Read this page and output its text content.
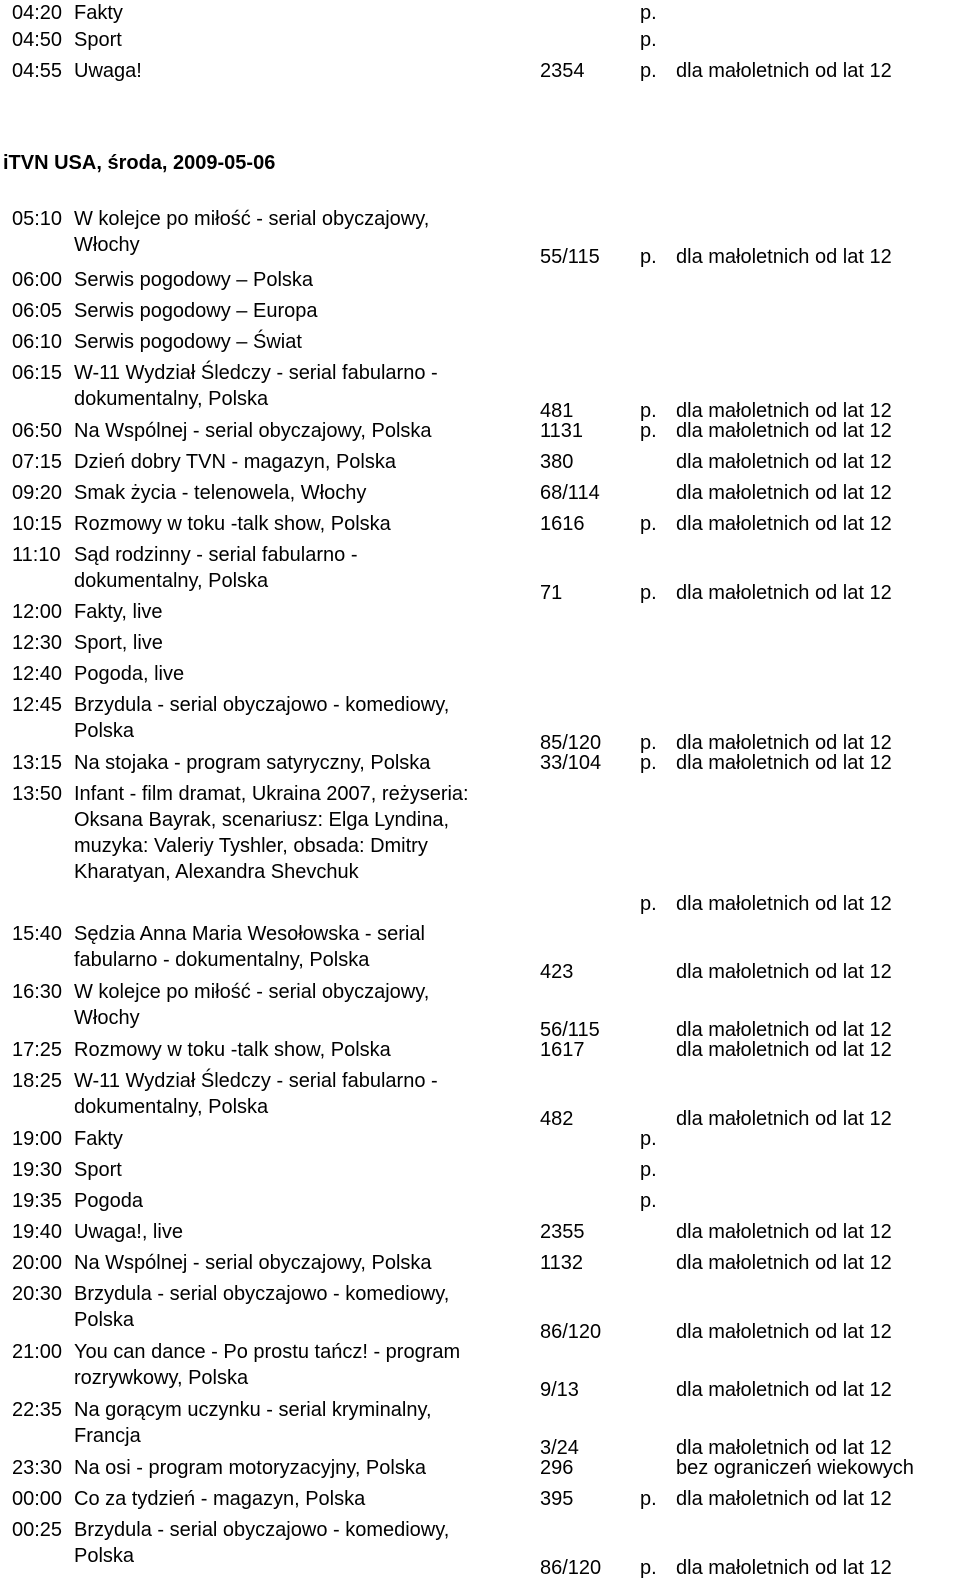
04:20 Fakty	p.
04:50 Sport	p.
04:55 Uwaga!	2354	p. dla małoletnich od lat 12
iTVN USA, środa, 2009-05-06
05:10 W kolejce po miłość - serial obyczajowy,
Włochy
55/115 p. dla małoletnich od lat 12
06:00 Serwis pogodowy – Polska
06:05 Serwis pogodowy – Europa
06:10 Serwis pogodowy – Świat
06:15 W-11 Wydział Śledczy - serial fabularno -
dokumentalny, Polska
481	p. dla małoletnich od lat 12
06:50 Na Wspólnej - serial obyczajowy, Polska	1131	p. dla małoletnich od lat 12
07:15 Dzień dobry TVN - magazyn, Polska	380	dla małoletnich od lat 12
09:20 Smak życia - telenowela, Włochy	68/114	dla małoletnich od lat 12
10:15 Rozmowy w toku -talk show, Polska	1616	p. dla małoletnich od lat 12
11:10 Sąd rodzinny - serial fabularno -
dokumentalny, Polska
71	p. dla małoletnich od lat 12
12:00 Fakty, live
12:30 Sport, live
12:40 Pogoda, live
12:45 Brzydula - serial obyczajowo - komediowy,
Polska
85/120 p. dla małoletnich od lat 12
13:15 Na stojaka - program satyryczny, Polska	33/104 p. dla małoletnich od lat 12
13:50 Infant - film dramat, Ukraina 2007, reżyseria:
Oksana Bayrak, scenariusz: Elga Lyndina,
muzyka: Valeriy Tyshler, obsada: Dmitry
Kharatyan, Alexandra Shevchuk
p. dla małoletnich od lat 12
15:40 Sędzia Anna Maria Wesołowska - serial
fabularno - dokumentalny, Polska
423	dla małoletnich od lat 12
16:30 W kolejce po miłość - serial obyczajowy,
Włochy
56/115	dla małoletnich od lat 12
17:25 Rozmowy w toku -talk show, Polska	1617	dla małoletnich od lat 12
18:25 W-11 Wydział Śledczy - serial fabularno -
dokumentalny, Polska
482	dla małoletnich od lat 12
19:00 Fakty	p.
19:30 Sport	p.
19:35 Pogoda	p.
19:40 Uwaga!, live	2355	dla małoletnich od lat 12
20:00 Na Wspólnej - serial obyczajowy, Polska	1132	dla małoletnich od lat 12
20:30 Brzydula - serial obyczajowo - komediowy,
Polska
86/120	dla małoletnich od lat 12
21:00 You can dance - Po prostu tańcz! - program
rozrywkowy, Polska
9/13	dla małoletnich od lat 12
22:35 Na gorącym uczynku - serial kryminalny,
Francja
3/24	dla małoletnich od lat 12
23:30 Na osi - program motoryzacyjny, Polska	296	bez ograniczeń wiekowych
00:00 Co za tydzień - magazyn, Polska	395	p. dla małoletnich od lat 12
00:25 Brzydula - serial obyczajowo - komediowy,
Polska
86/120 p. dla małoletnich od lat 12
